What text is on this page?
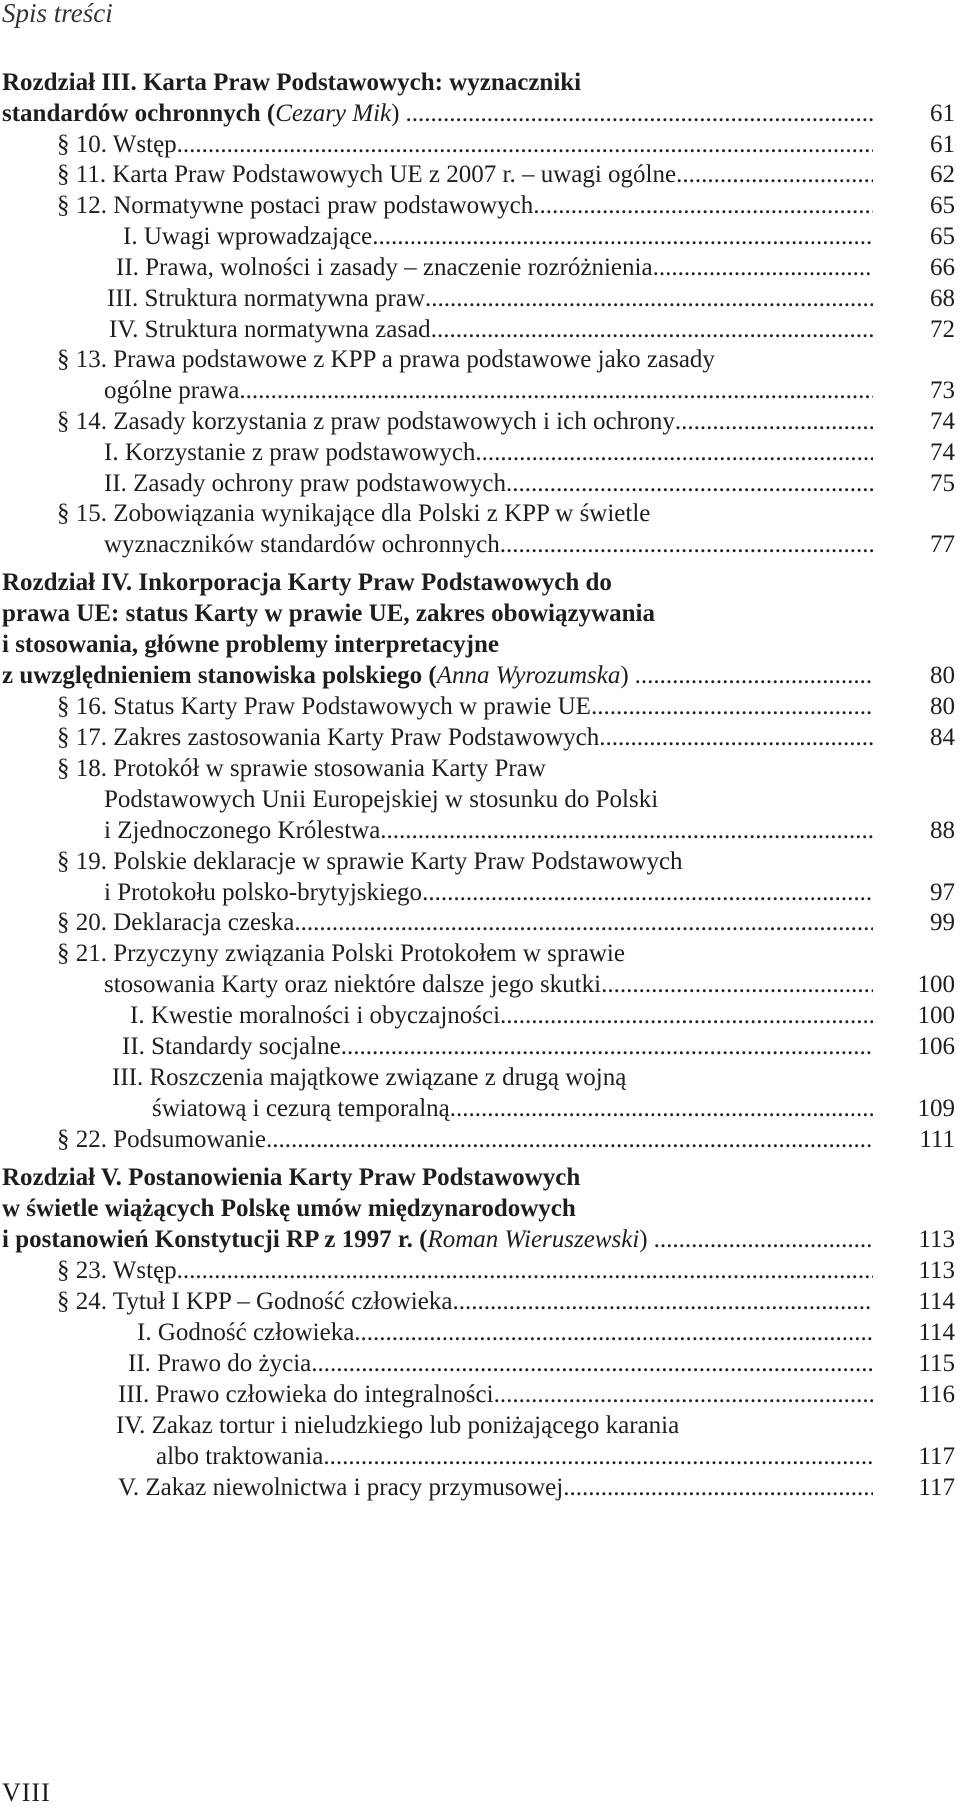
Spis treści
Rozdział III. Karta Praw Podstawowych: wyznaczniki
standardów ochronnych ( Cezary Mik ) .....	61
§ 10. Wstęp .....	61
§ 11. Karta Praw Podstawowych UE z 2007 r. – uwagi ogólne .....	62
§ 12. Normatywne postaci praw podstawowych .....	65
I. Uwagi wprowadzające .....	65
II. Prawa, wolności i zasady – znaczenie rozróżnienia .....	66
III. Struktura normatywna praw .....	68
IV. Struktura normatywna zasad .....	72
§ 13. Prawa podstawowe z KPP a prawa podstawowe jako zasady
ogólne prawa .....	73
§ 14. Zasady korzystania z praw podstawowych i ich ochrony .....	74
I. Korzystanie z praw podstawowych .....	74
II. Zasady ochrony praw podstawowych .....	75
§ 15. Zobowiązania wynikające dla Polski z KPP w świetle
wyznaczników standardów ochronnych .....	77
Rozdział IV. Inkorporacja Karty Praw Podstawowych do
prawa UE: status Karty w prawie UE, zakres obowiązywania
i stosowania, główne problemy interpretacyjne
z uwzględnieniem stanowiska polskiego ( Anna Wyrozumska ) .....	80
§ 16. Status Karty Praw Podstawowych w prawie UE .....	80
§ 17. Zakres zastosowania Karty Praw Podstawowych .....	84
§ 18. Protokół w sprawie stosowania Karty Praw
Podstawowych Unii Europejskiej w stosunku do Polski
i Zjednoczonego Królestwa .....	88
§ 19. Polskie deklaracje w sprawie Karty Praw Podstawowych
i Protokołu polsko-brytyjskiego .....	97
§ 20. Deklaracja czeska .....	99
§ 21. Przyczyny związania Polski Protokołem w sprawie
stosowania Karty oraz niektóre dalsze jego skutki .....	100
I. Kwestie moralności i obyczajności .....	100
II. Standardy socjalne .....	106
III. Roszczenia majątkowe związane z drugą wojną
światową i cezurą temporalną .....	109
§ 22. Podsumowanie .....	111
Rozdział V. Postanowienia Karty Praw Podstawowych
w świetle wiążących Polskę umów międzynarodowych
i postanowień Konstytucji RP z 1997 r. ( Roman Wieruszewski ) .....	113
§ 23. Wstęp .....	113
§ 24. Tytuł I KPP – Godność człowieka .....	114
I. Godność człowieka .....	114
II. Prawo do życia .....	115
III. Prawo człowieka do integralności .....	116
IV. Zakaz tortur i nieludzkiego lub poniżającego karania
albo traktowania .....	117
V. Zakaz niewolnictwa i pracy przymusowej .....	117
VIII
